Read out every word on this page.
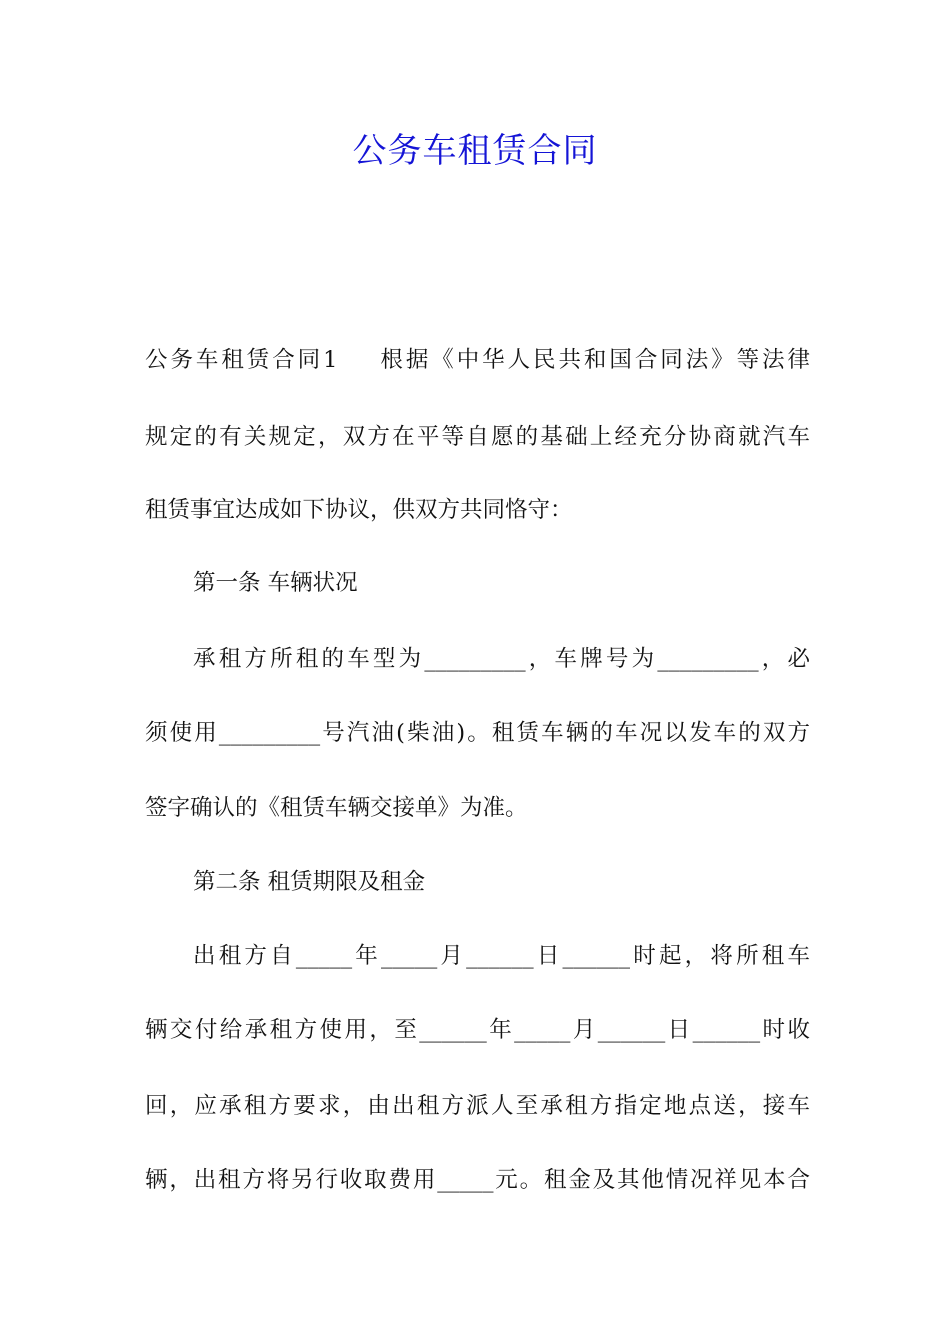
公务车租赁合同
公务车租赁合同1 根据《中华人民共和国合同法》等法律
规定的有关规定，双方在平等自愿的基础上经充分协商就汽车
租赁事宜达成如下协议，供双方共同恪守：
第一条 车辆状况
承租方所租的车型为_________，车牌号为_________，必
须使用_________号汽油(柴油)。租赁车辆的车况以发车的双方
签字确认的《租赁车辆交接单》为准。
第二条 租赁期限及租金
出租方自_____年_____月______日______时起，将所租车
辆交付给承租方使用，至______年_____月______日______时收
回，应承租方要求，由出租方派人至承租方指定地点送，接车
辆，出租方将另行收取费用_____元。租金及其他情况祥见本合
